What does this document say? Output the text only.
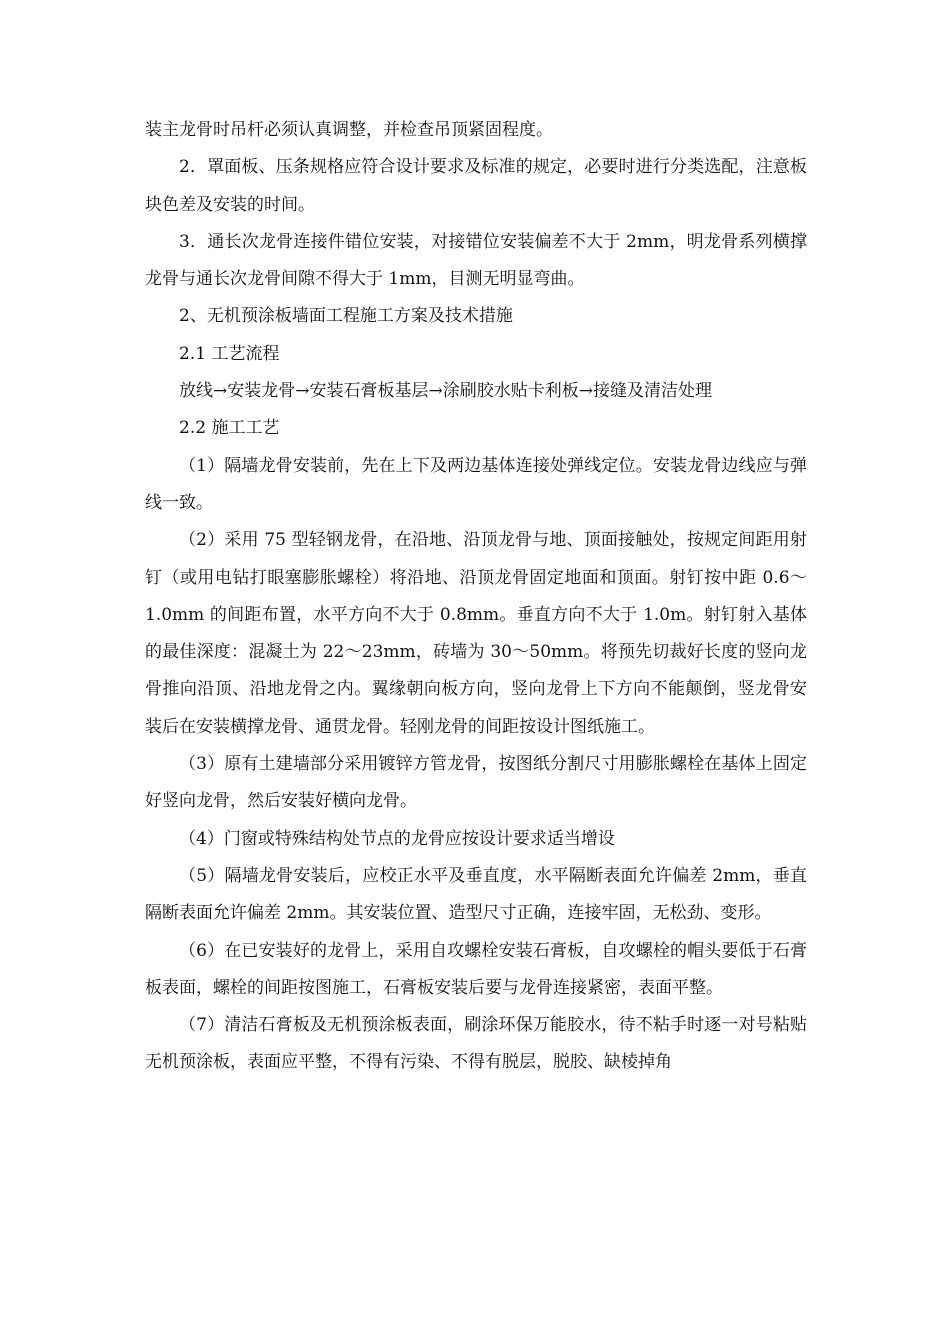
装主龙骨时吊杆必须认真调整，并检查吊顶紧固程度。

2．罩面板、压条规格应符合设计要求及标准的规定，必要时进行分类选配，注意板块色差及安装的时间。

3．通长次龙骨连接件错位安装，对接错位安装偏差不大于 2mm，明龙骨系列横撑龙骨与通长次龙骨间隙不得大于 1mm，目测无明显弯曲。

2、无机预涂板墙面工程施工方案及技术措施

2.1 工艺流程

放线→安装龙骨→安装石膏板基层→涂刷胶水贴卡利板→接缝及清洁处理

2.2 施工工艺

（1）隔墙龙骨安装前，先在上下及两边基体连接处弹线定位。安装龙骨边线应与弹线一致。

（2）采用 75 型轻钢龙骨，在沿地、沿顶龙骨与地、顶面接触处，按规定间距用射钉（或用电钻打眼塞膨胀螺栓）将沿地、沿顶龙骨固定地面和顶面。射钉按中距 0.6～1.0mm 的间距布置，水平方向不大于 0.8mm。垂直方向不大于 1.0m。射钉射入基体的最佳深度：混凝土为 22～23mm，砖墙为 30～50mm。将预先切裁好长度的竖向龙骨推向沿顶、沿地龙骨之内。翼缘朝向板方向，竖向龙骨上下方向不能颠倒，竖龙骨安装后在安装横撑龙骨、通贯龙骨。轻刚龙骨的间距按设计图纸施工。

（3）原有土建墙部分采用镀锌方管龙骨，按图纸分割尺寸用膨胀螺栓在基体上固定好竖向龙骨，然后安装好横向龙骨。

（4）门窗或特殊结构处节点的龙骨应按设计要求适当增设

（5）隔墙龙骨安装后，应校正水平及垂直度，水平隔断表面允许偏差 2mm，垂直隔断表面允许偏差 2mm。其安装位置、造型尺寸正确，连接牢固，无松劲、变形。

（6）在已安装好的龙骨上，采用自攻螺栓安装石膏板，自攻螺栓的帽头要低于石膏板表面，螺栓的间距按图施工，石膏板安装后要与龙骨连接紧密，表面平整。

（7）清洁石膏板及无机预涂板表面，刷涂环保万能胶水，待不粘手时逐一对号粘贴无机预涂板，表面应平整，不得有污染、不得有脱层，脱胶、缺棱掉角
